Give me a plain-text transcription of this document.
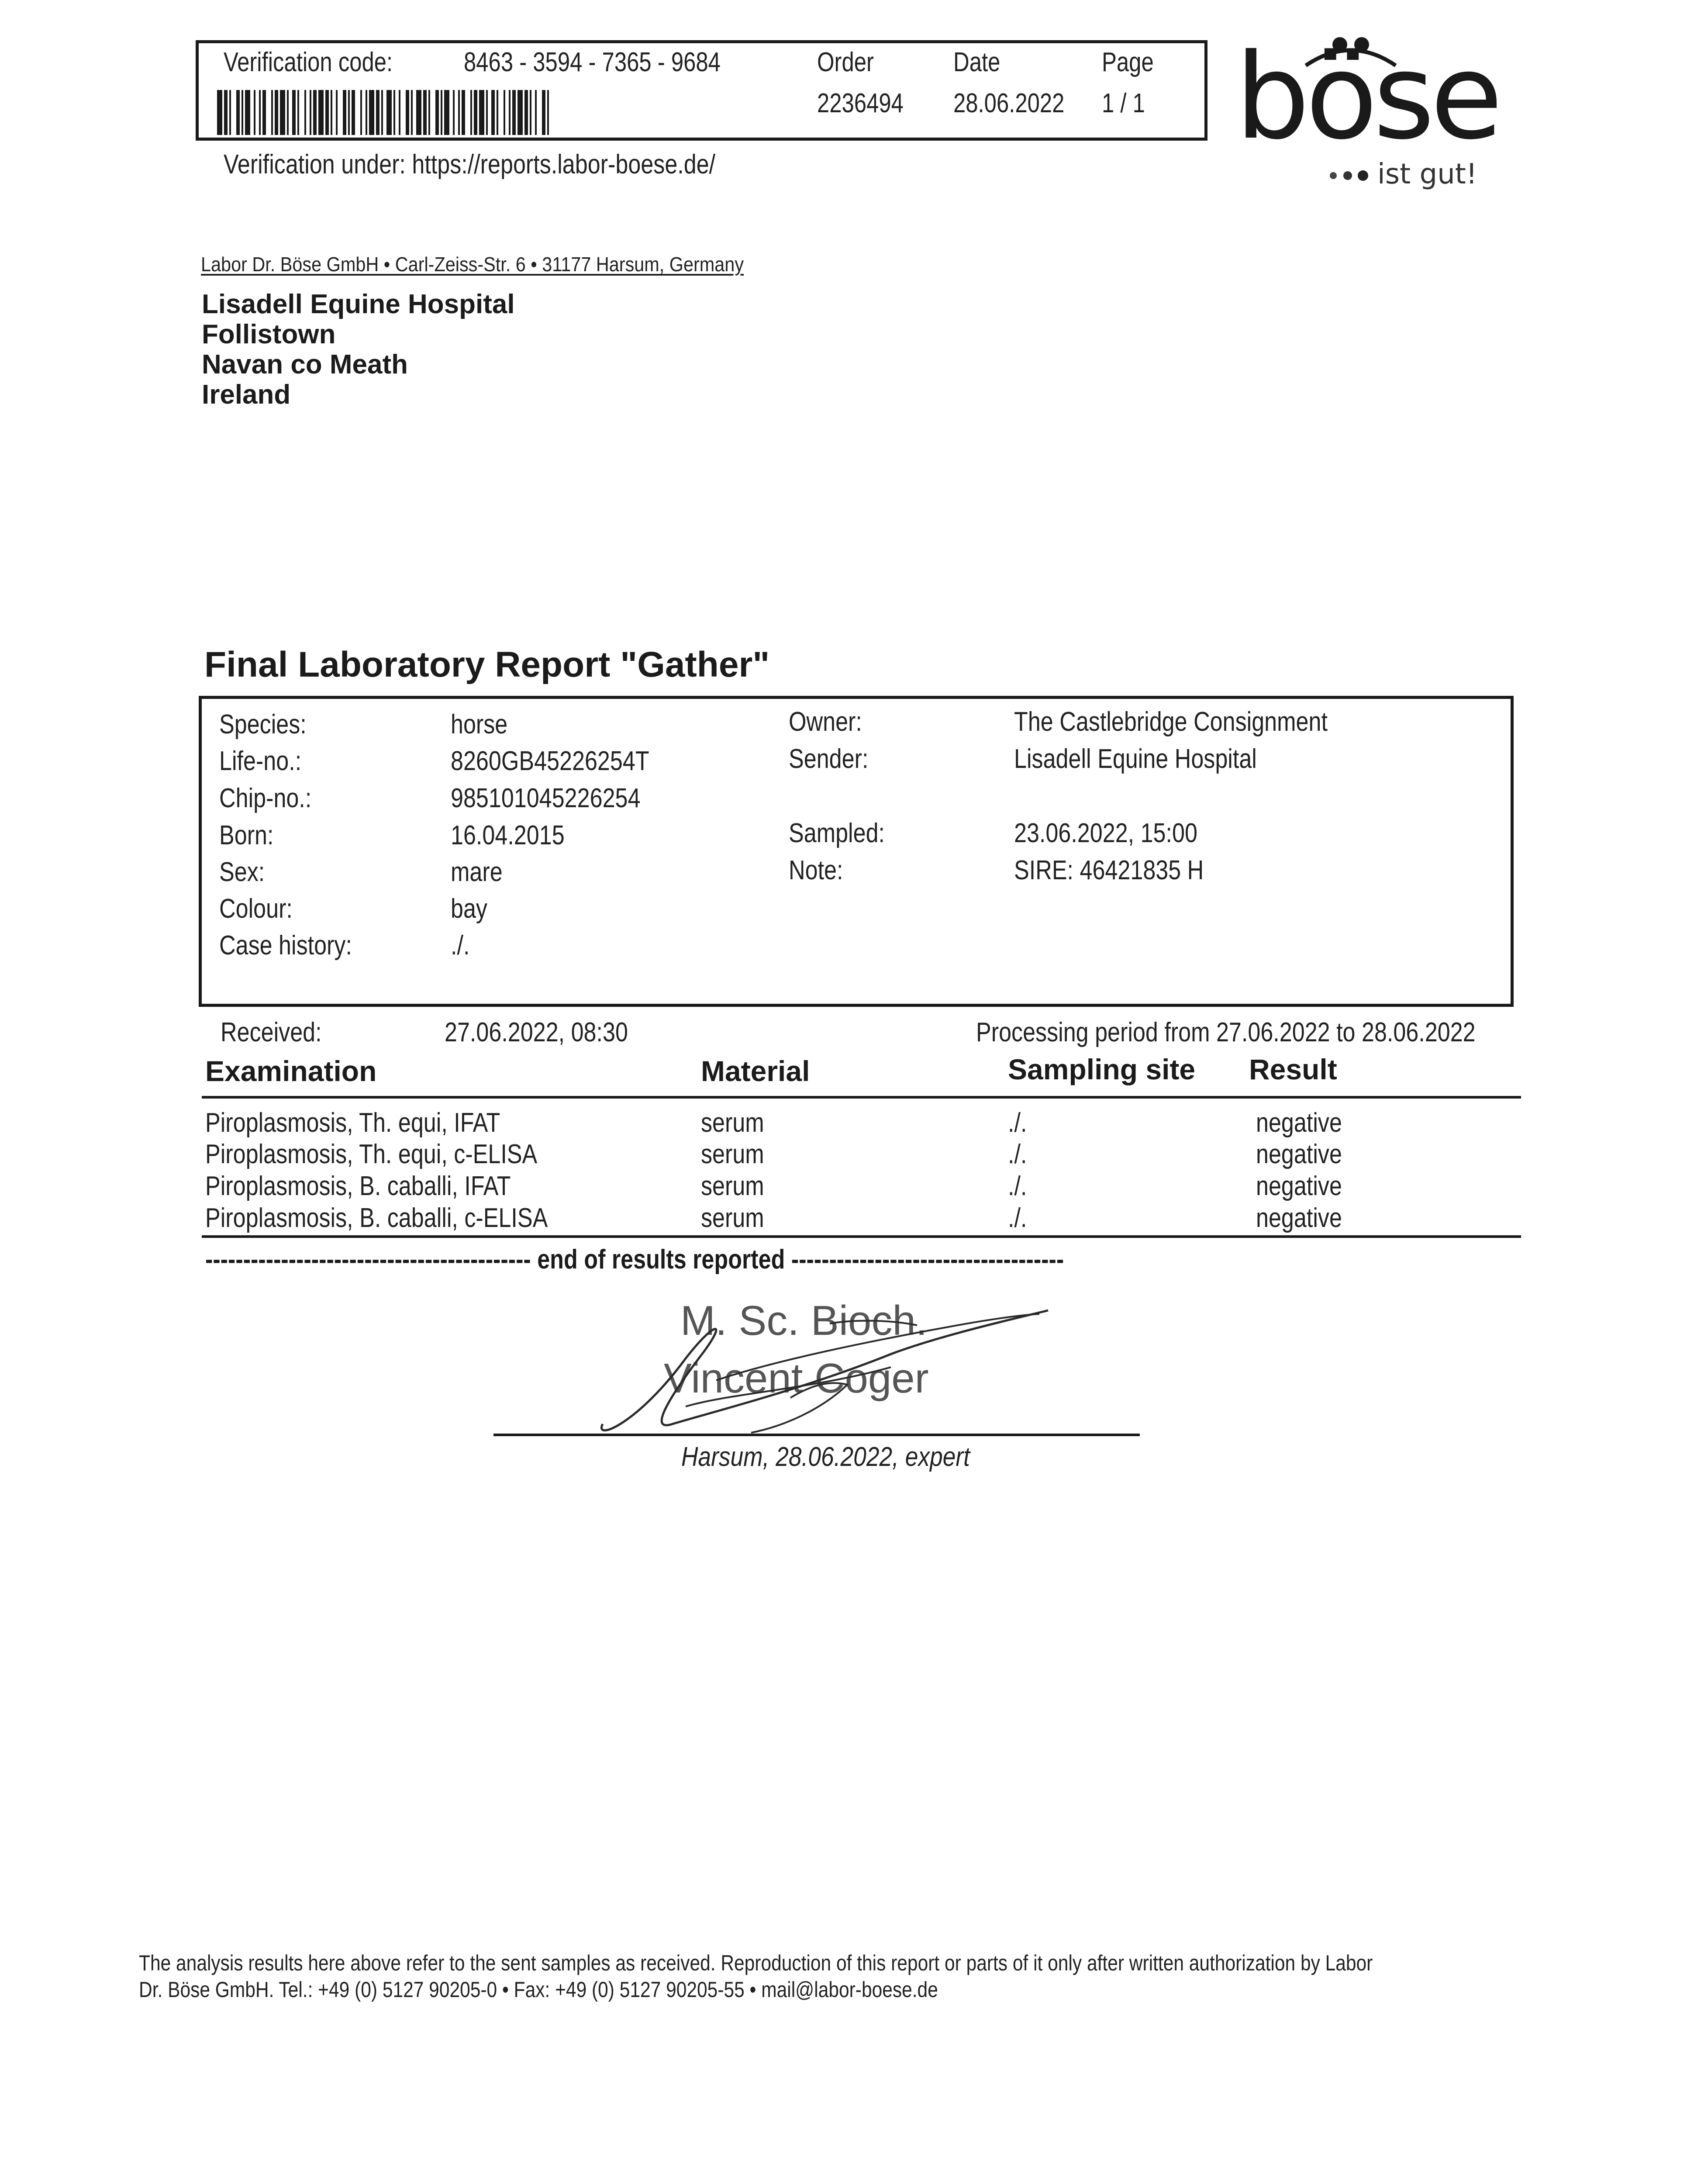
Verification code:	8463 - 3594 - 7365 - 9684	Order	Date	Page
2236494 28.06.2022 1 / 1
Verification under: https://reports.labor-boese.de/	böse
ist gut!
Labor Dr. Böse GmbH • Carl-Zeiss-Str. 6 • 31177 Harsum, Germany
Lisadell Equine Hospital
Follistown
Navan co Meath
Ireland
Final Laboratory Report "Gather"
Species:	horse
Life-no.:	8260GB45226254T
Chip-no.:	985101045226254
Born:	16.04.2015
Sex:	mare
Colour:	bay
Case history:	./.
Owner:	The Castlebridge Consignment
Sender:	Lisadell Equine Hospital
Sampled:	23.06.2022, 15:00
Note:	SIRE: 46421835 H
Received:	27.06.2022, 08:30	Processing period from 27.06.2022 to 28.06.2022
Examination	Material	Sampling site Result
Piroplasmosis, Th. equi, IFAT	serum	./.	negative
Piroplasmosis, Th. equi, c-ELISA	serum	./.	negative
Piroplasmosis, B. caballi, IFAT	serum	./.	negative
Piroplasmosis, B. caballi, c-ELISA	serum	./.	negative
------------------------------------------- end of results reported ------------------------------------
M. Sc. Bioch.
Vincent Coger
Harsum, 28.06.2022, expert
The analysis results here above refer to the sent samples as received. Reproduction of this report or parts of it only after written authorization by Labor
Dr. Böse GmbH. Tel.: +49 (0) 5127 90205-0 • Fax: +49 (0) 5127 90205-55 • mail@labor-boese.de
